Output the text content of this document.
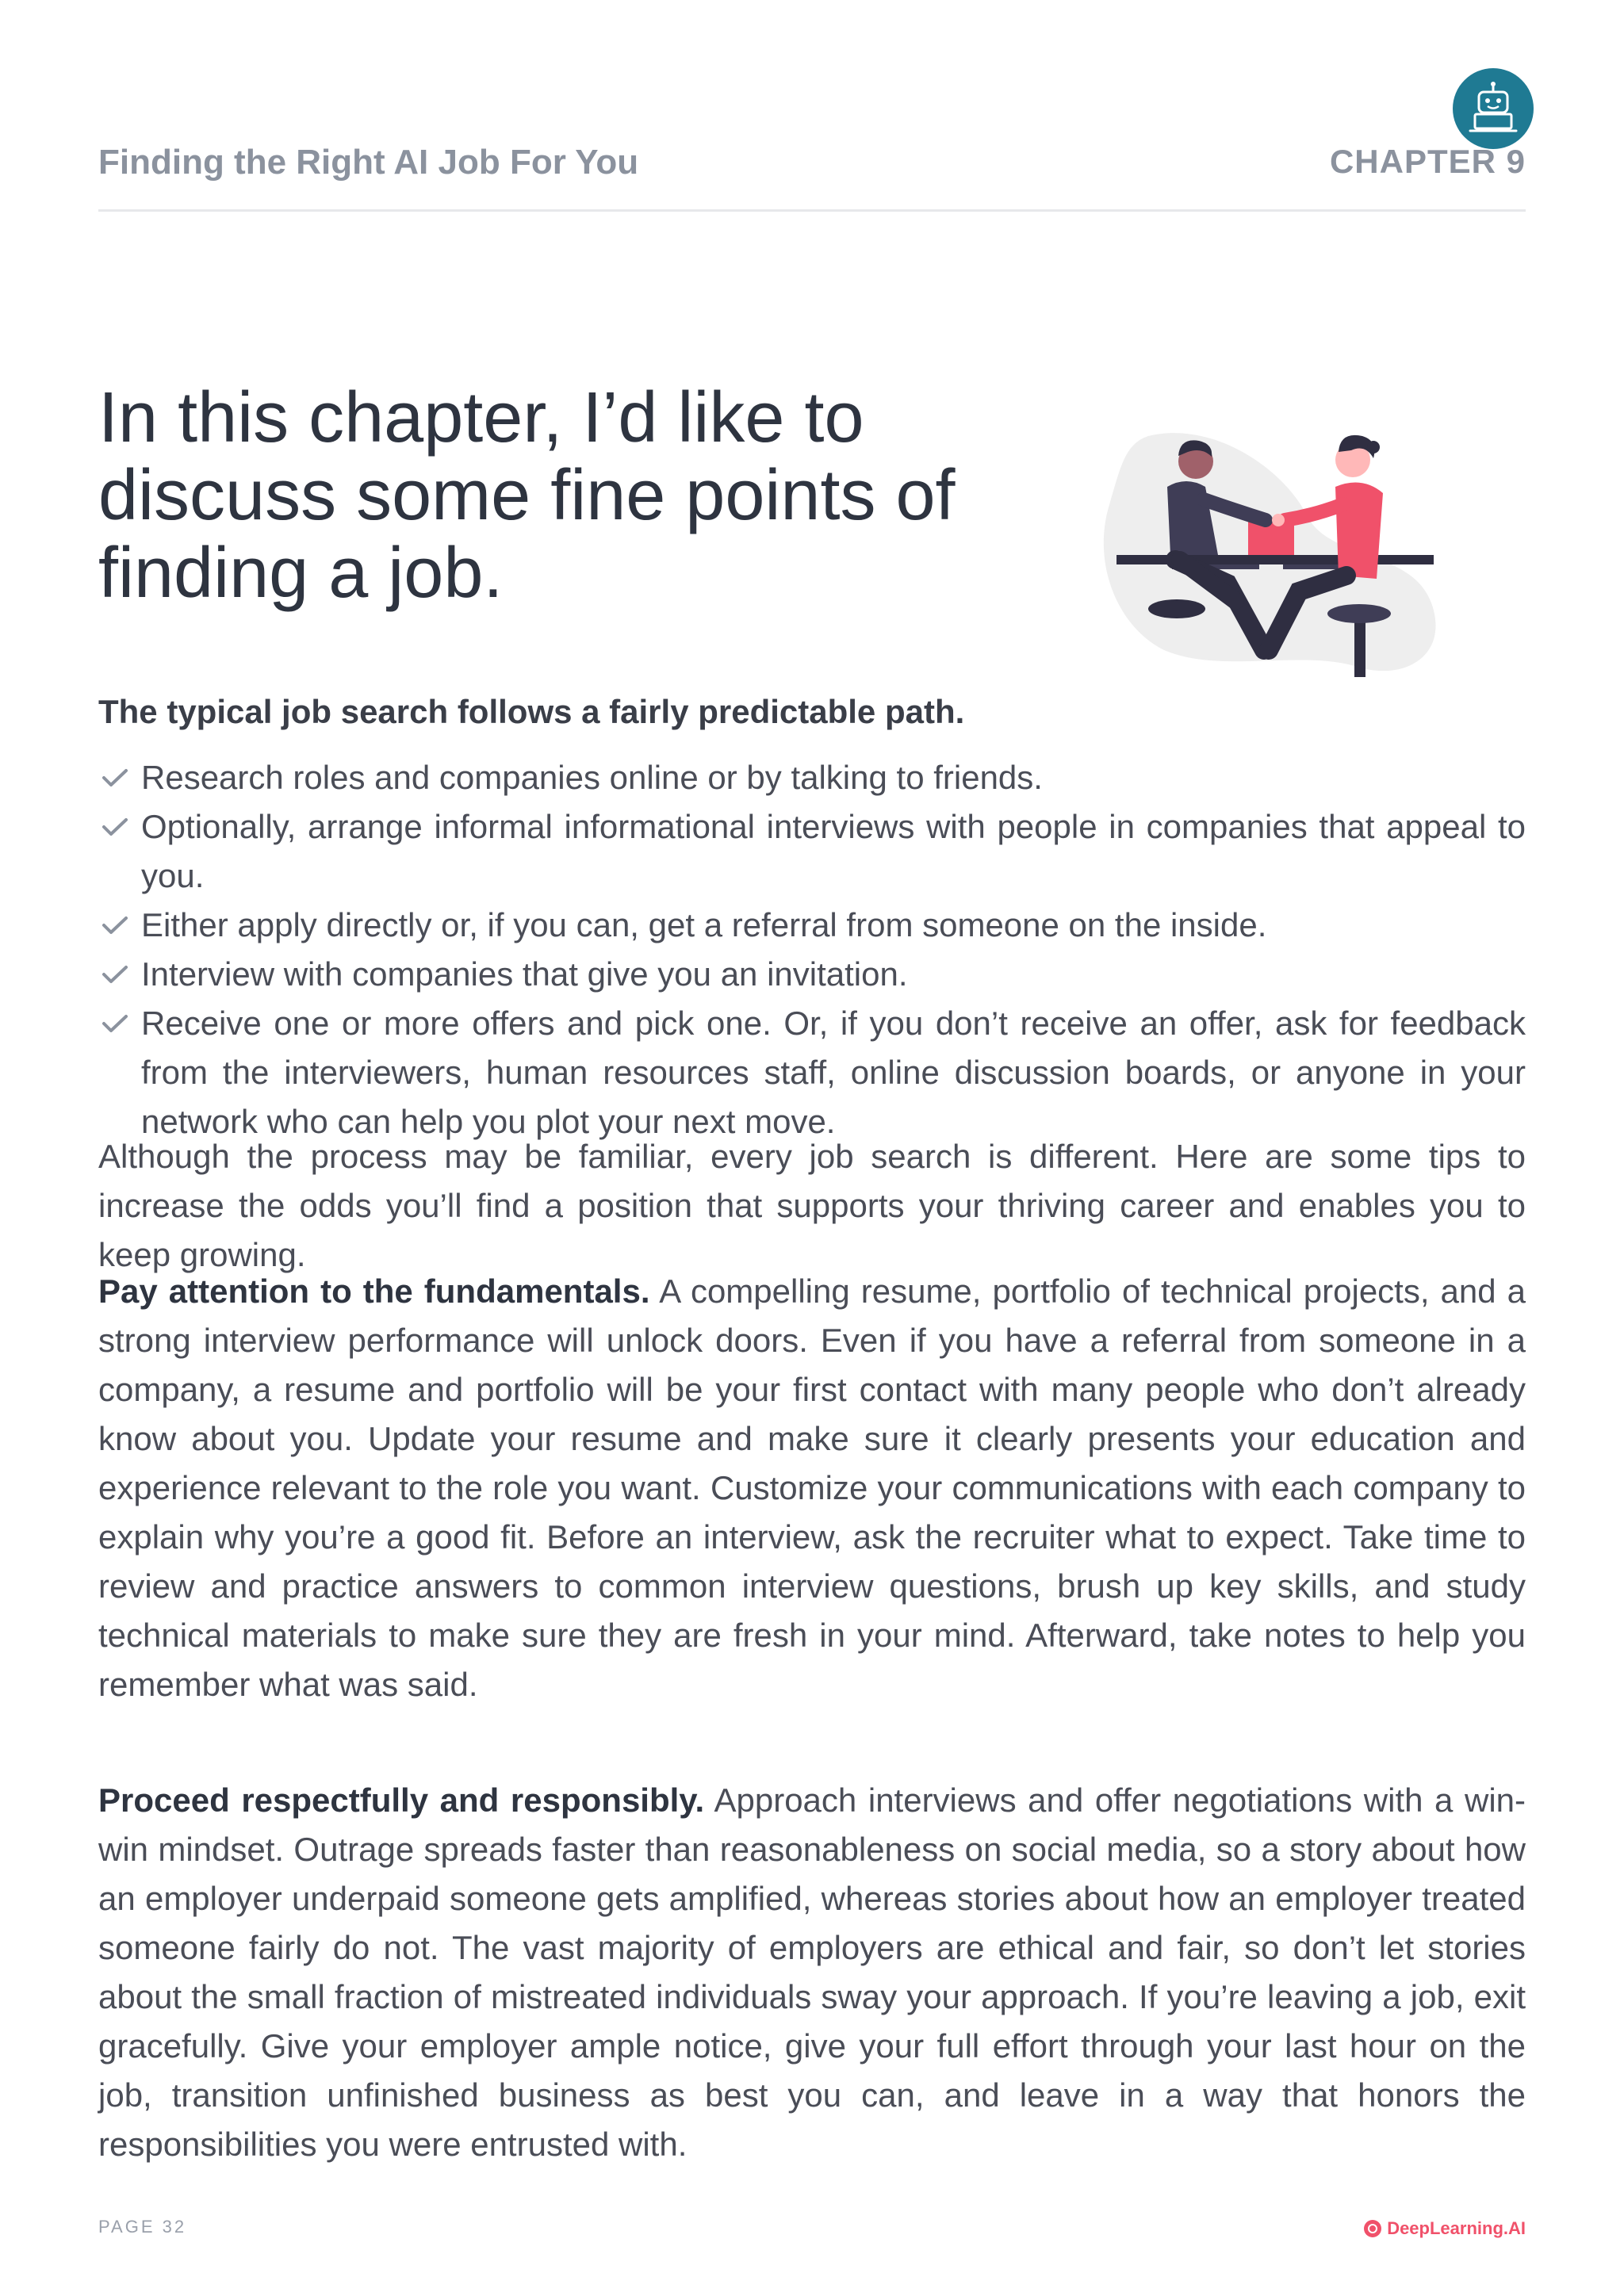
Finding the Right AI Job For You	CHAPTER 9
In this chapter, I’d like to discuss some fine points of finding a job.

The typical job search follows a fairly predictable path.

Research roles and companies online or by talking to friends.
Optionally, arrange informal informational interviews with people in companies that appeal to you.
Either apply directly or, if you can, get a referral from someone on the inside.
Interview with companies that give you an invitation.
Receive one or more offers and pick one. Or, if you don’t receive an offer, ask for feedback from the interviewers, human resources staff, online discussion boards, or anyone in your network who can help you plot your next move.

Although the process may be familiar, every job search is different. Here are some tips to increase the odds you’ll find a position that supports your thriving career and enables you to keep growing.

Pay attention to the fundamentals. A compelling resume, portfolio of technical projects, and a strong interview performance will unlock doors. Even if you have a referral from someone in a company, a resume and portfolio will be your first contact with many people who don’t already know about you. Update your resume and make sure it clearly presents your education and experience relevant to the role you want. Customize your communications with each company to explain why you’re a good fit. Before an interview, ask the recruiter what to expect. Take time to review and practice answers to common interview questions, brush up key skills, and study technical materials to make sure they are fresh in your mind. Afterward, take notes to help you remember what was said.

Proceed respectfully and responsibly. Approach interviews and offer negotiations with a win-win mindset. Outrage spreads faster than reasonableness on social media, so a story about how an employer underpaid someone gets amplified, whereas stories about how an employer treated someone fairly do not. The vast majority of employers are ethical and fair, so don’t let stories about the small fraction of mistreated individuals sway your approach. If you’re leaving a job, exit gracefully. Give your employer ample notice, give your full effort through your last hour on the job, transition unfinished business as best you can, and leave in a way that honors the responsibilities you were entrusted with.

PAGE 32	DeepLearning.AI
